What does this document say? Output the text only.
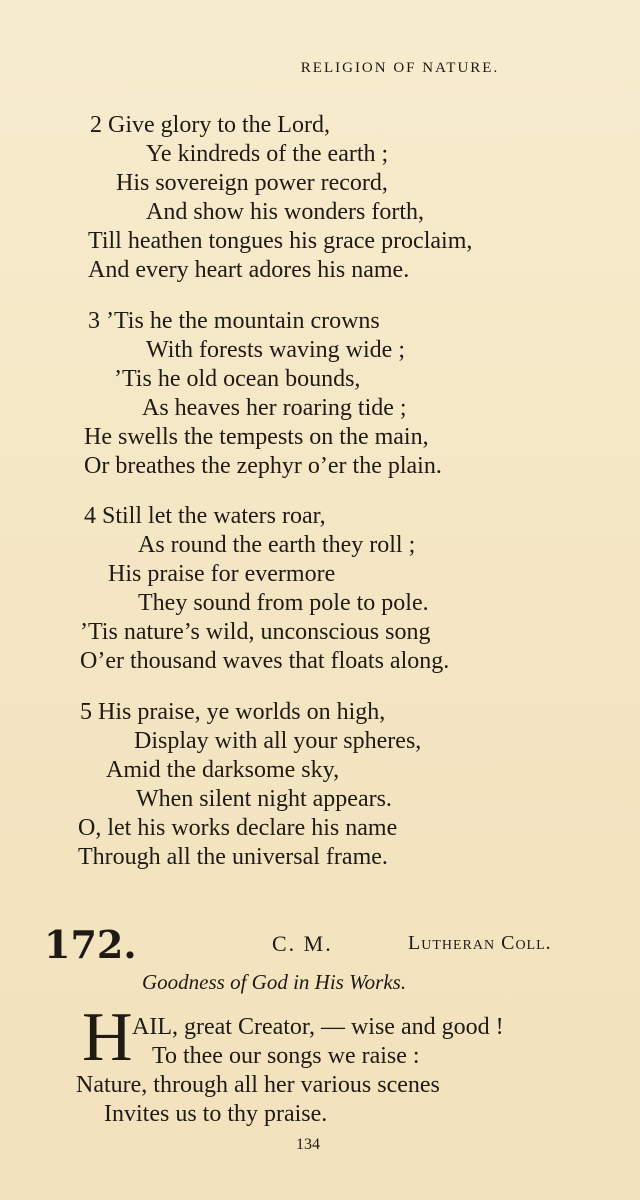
RELIGION OF NATURE.
2 Give glory to the Lord,
Ye kindreds of the earth ;
His sovereign power record,
And show his wonders forth,
Till heathen tongues his grace proclaim,
And every heart adores his name.
3 ’Tis he the mountain crowns
With forests waving wide ;
’Tis he old ocean bounds,
As heaves her roaring tide ;
He swells the tempests on the main,
Or breathes the zephyr o’er the plain.
4 Still let the waters roar,
As round the earth they roll ;
His praise for evermore
They sound from pole to pole.
’Tis nature’s wild, unconscious song
O’er thousand waves that floats along.
5 His praise, ye worlds on high,
Display with all your spheres,
Amid the darksome sky,
When silent night appears.
O, let his works declare his name
Through all the universal frame.
172.	C. M.	Lutheran Coll.
Goodness of God in His Works.
H AIL, great Creator, — wise and good !
To thee our songs we raise :
Nature, through all her various scenes
Invites us to thy praise.
134
